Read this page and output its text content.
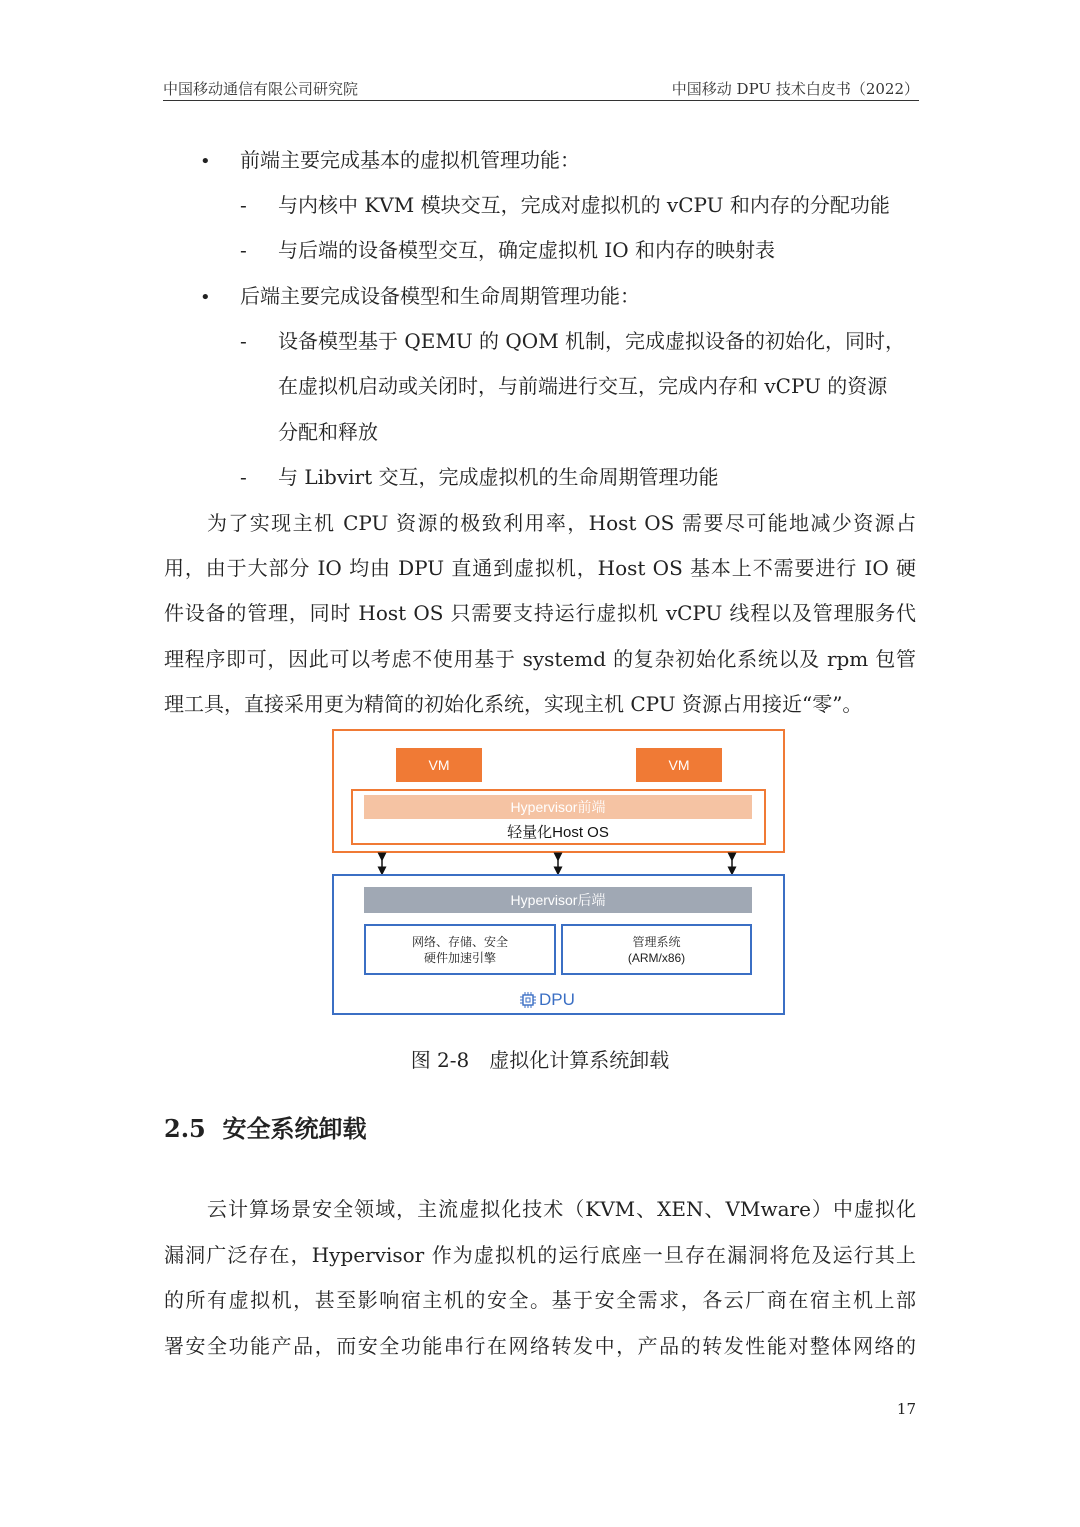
中国移动通信有限公司研究院	中国移动 DPU 技术白皮书（2022）
• 前端主要完成基本的虚拟机管理功能：
- 与内核中 KVM 模块交互，完成对虚拟机的 vCPU 和内存的分配功能
- 与后端的设备模型交互，确定虚拟机 IO 和内存的映射表
• 后端主要完成设备模型和生命周期管理功能：
- 设备模型基于 QEMU 的 QOM 机制，完成虚拟设备的初始化，同时，
在虚拟机启动或关闭时，与前端进行交互，完成内存和 vCPU 的资源
分配和释放
- 与 Libvirt 交互，完成虚拟机的生命周期管理功能
为了实现主机 CPU 资源的极致利用率，Host OS 需要尽可能地减少资源占
用，由于大部分 IO 均由 DPU 直通到虚拟机，Host OS 基本上不需要进行 IO 硬
件设备的管理，同时 Host OS 只需要支持运行虚拟机 vCPU 线程以及管理服务代
理程序即可，因此可以考虑不使用基于 systemd 的复杂初始化系统以及 rpm 包管
理工具，直接采用更为精简的初始化系统，实现主机 CPU 资源占用接近“零”。
VM	VM
Hypervisor前端
轻量化Host OS
Hypervisor后端
网络、存储、安全
硬件加速引擎
管理系统
(ARM/x86)
DPU
图 2-8　虚拟化计算系统卸载
2.5 安全系统卸载
云计算场景安全领域，主流虚拟化技术（KVM、XEN、VMware）中虚拟化
漏洞广泛存在，Hypervisor 作为虚拟机的运行底座一旦存在漏洞将危及运行其上
的所有虚拟机，甚至影响宿主机的安全。基于安全需求，各云厂商在宿主机上部
署安全功能产品，而安全功能串行在网络转发中，产品的转发性能对整体网络的
17
